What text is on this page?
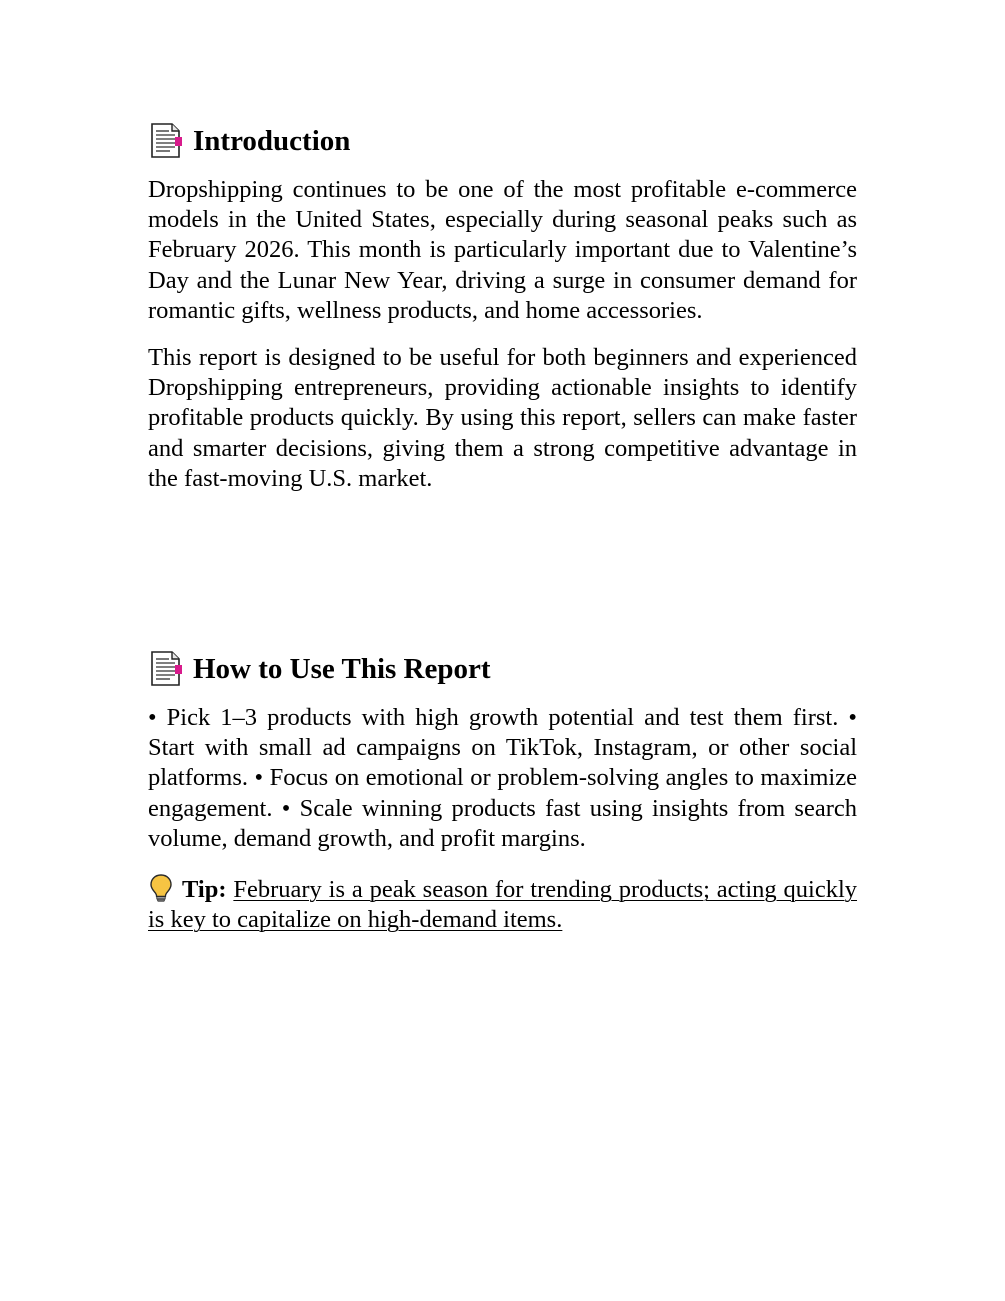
Introduction

Dropshipping continues to be one of the most profitable e-commerce models in the United States, especially during seasonal peaks such as February 2026. This month is particularly important due to Valentine’s Day and the Lunar New Year, driving a surge in consumer demand for romantic gifts, wellness products, and home accessories.

This report is designed to be useful for both beginners and experienced Dropshipping entrepreneurs, providing actionable insights to identify profitable products quickly. By using this report, sellers can make faster and smarter decisions, giving them a strong competitive advantage in the fast-moving U.S. market.

How to Use This Report

• Pick 1–3 products with high growth potential and test them first. • Start with small ad campaigns on TikTok, Instagram, or other social platforms. • Focus on emotional or problem-solving angles to maximize engagement. • Scale winning products fast using insights from search volume, demand growth, and profit margins.

Tip: February is a peak season for trending products; acting quickly is key to capitalize on high-demand items.
